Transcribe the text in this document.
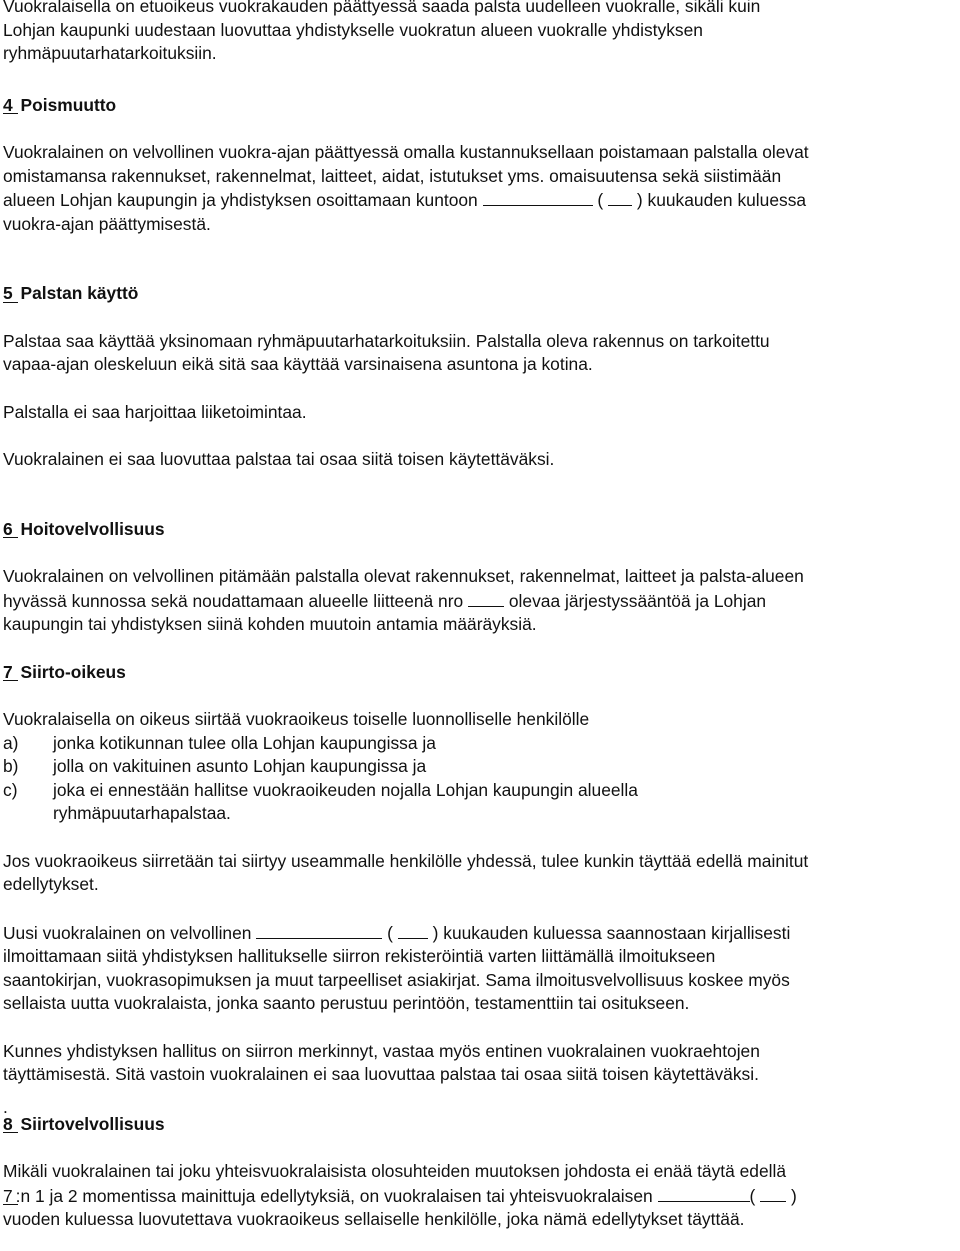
Vuokralaisella on etuoikeus vuokrakauden päättyessä saada palsta uudelleen vuokralle, sikäli kuin
Lohjan kaupunki uudestaan luovuttaa yhdistykselle vuokratun alueen vuokralle yhdistyksen
ryhmäpuutarhatarkoituksiin.

4 Poismuutto

Vuokralainen on velvollinen vuokra-ajan päättyessä omalla kustannuksellaan poistamaan palstalla olevat
omistamansa rakennukset, rakennelmat, laitteet, aidat, istutukset yms. omaisuutensa sekä siistimään
alueen Lohjan kaupungin ja yhdistyksen osoittamaan kuntoon	( ) kuukauden kuluessa
vuokra-ajan päättymisestä.

5 Palstan käyttö

Palstaa saa käyttää yksinomaan ryhmäpuutarhatarkoituksiin. Palstalla oleva rakennus on tarkoitettu
vapaa-ajan oleskeluun eikä sitä saa käyttää varsinaisena asuntona ja kotina.

Palstalla ei saa harjoittaa liiketoimintaa.

Vuokralainen ei saa luovuttaa palstaa tai osaa siitä toisen käytettäväksi.

6 Hoitovelvollisuus

Vuokralainen on velvollinen pitämään palstalla olevat rakennukset, rakennelmat, laitteet ja palsta-alueen
hyvässä kunnossa sekä noudattamaan alueelle liitteenä nro	olevaa järjestyssääntöä ja Lohjan
kaupungin tai yhdistyksen siinä kohden muutoin antamia määräyksiä.

7 Siirto-oikeus

Vuokralaisella on oikeus siirtää vuokraoikeus toiselle luonnolliselle henkilölle

a)	jonka kotikunnan tulee olla Lohjan kaupungissa ja
b)	jolla on vakituinen asunto Lohjan kaupungissa ja
c)	joka ei ennestään hallitse vuokraoikeuden nojalla Lohjan kaupungin alueella
ryhmäpuutarhapalstaa.

Jos vuokraoikeus siirretään tai siirtyy useammalle henkilölle yhdessä, tulee kunkin täyttää edellä mainitut
edellytykset.

Uusi vuokralainen on velvollinen	( ) kuukauden kuluessa saannostaan kirjallisesti
ilmoittamaan siitä yhdistyksen hallitukselle siirron rekisteröintiä varten liittämällä ilmoitukseen
saantokirjan, vuokrasopimuksen ja muut tarpeelliset asiakirjat. Sama ilmoitusvelvollisuus koskee myös
sellaista uutta vuokralaista, jonka saanto perustuu perintöön, testamenttiin tai ositukseen.

Kunnes yhdistyksen hallitus on siirron merkinnyt, vastaa myös entinen vuokralainen vuokraehtojen
täyttämisestä. Sitä vastoin vuokralainen ei saa luovuttaa palstaa tai osaa siitä toisen käytettäväksi.

.

8 Siirtovelvollisuus

Mikäli vuokralainen tai joku yhteisvuokralaisista olosuhteiden muutoksen johdosta ei enää täytä edellä
7 :n 1 ja 2 momentissa mainittuja edellytyksiä, on vuokralaisen tai yhteisvuokralaisen	( )
vuoden kuluessa luovutettava vuokraoikeus sellaiselle henkilölle, joka nämä edellytykset täyttää.
